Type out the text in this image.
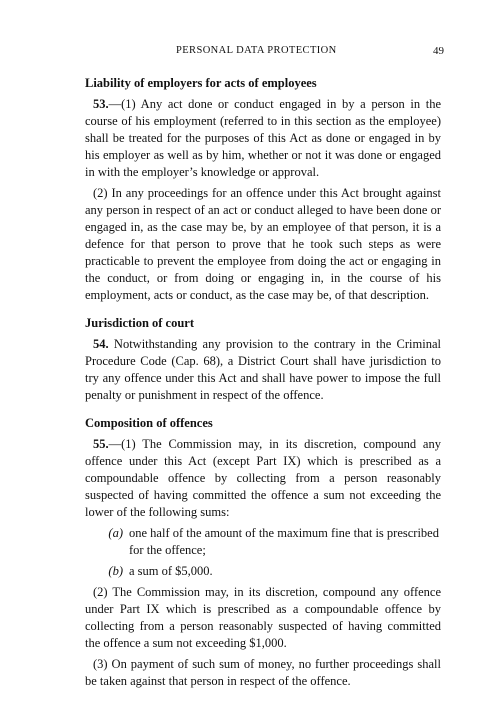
PERSONAL DATA PROTECTION	49
Liability of employers for acts of employees

53.—(1) Any act done or conduct engaged in by a person in the course of his employment (referred to in this section as the employee) shall be treated for the purposes of this Act as done or engaged in by his employer as well as by him, whether or not it was done or engaged in with the employer’s knowledge or approval.

(2) In any proceedings for an offence under this Act brought against any person in respect of an act or conduct alleged to have been done or engaged in, as the case may be, by an employee of that person, it is a defence for that person to prove that he took such steps as were practicable to prevent the employee from doing the act or engaging in the conduct, or from doing or engaging in, in the course of his employment, acts or conduct, as the case may be, of that description.

Jurisdiction of court

54. Notwithstanding any provision to the contrary in the Criminal Procedure Code (Cap. 68), a District Court shall have jurisdiction to try any offence under this Act and shall have power to impose the full penalty or punishment in respect of the offence.

Composition of offences

55.—(1) The Commission may, in its discretion, compound any offence under this Act (except Part IX) which is prescribed as a compoundable offence by collecting from a person reasonably suspected of having committed the offence a sum not exceeding the lower of the following sums:

(a) one half of the amount of the maximum fine that is prescribed for the offence;
(b) a sum of $5,000.

(2) The Commission may, in its discretion, compound any offence under Part IX which is prescribed as a compoundable offence by collecting from a person reasonably suspected of having committed the offence a sum not exceeding $1,000.

(3) On payment of such sum of money, no further proceedings shall be taken against that person in respect of the offence.
